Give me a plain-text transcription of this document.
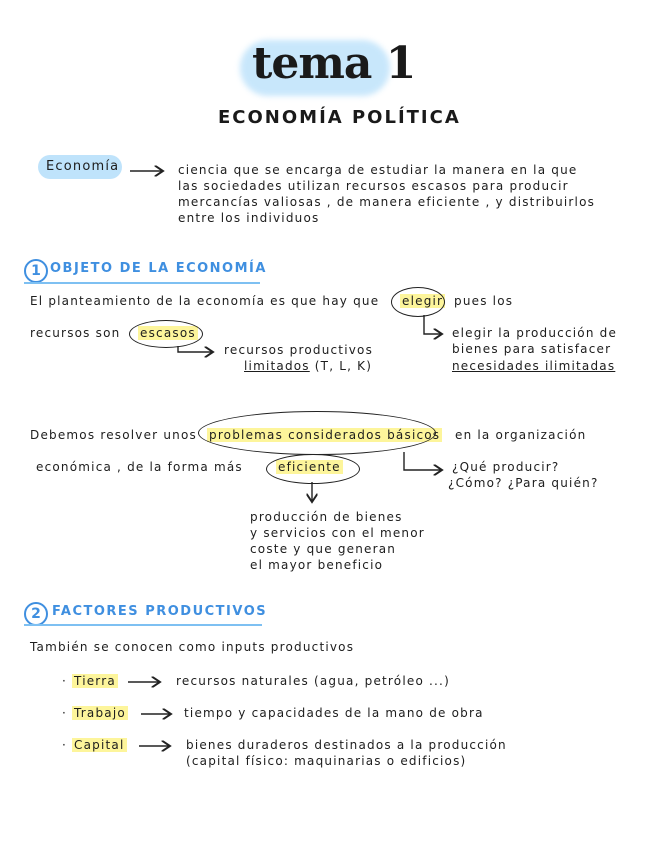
tema 1
ECONOMÍA POLÍTICA
Economía	ciencia que se encarga de estudiar la manera en la que
las sociedades utilizan recursos escasos para producir
mercancías valiosas , de manera eficiente , y distribuirlos
entre los individuos
1 OBJETO DE LA ECONOMÍA
El planteamiento de la economía es que hay que elegir pues los
recursos son escasos
recursos productivos
limitados (T, L, K)
elegir la producción de
bienes para satisfacer
necesidades ilimitadas
Debemos resolver unos problemas considerados básicos en la organización
económica , de la forma más	eficiente	¿Qué producir?
¿Cómo? ¿Para quién?
producción de bienes
y servicios con el menor
coste y que generan
el mayor beneficio
2 FACTORES PRODUCTIVOS
También se conocen como inputs productivos
· Tierra	recursos naturales (agua, petróleo ...)
· Trabajo	tiempo y capacidades de la mano de obra
· Capital	bienes duraderos destinados a la producción
(capital físico: maquinarias o edificios)
